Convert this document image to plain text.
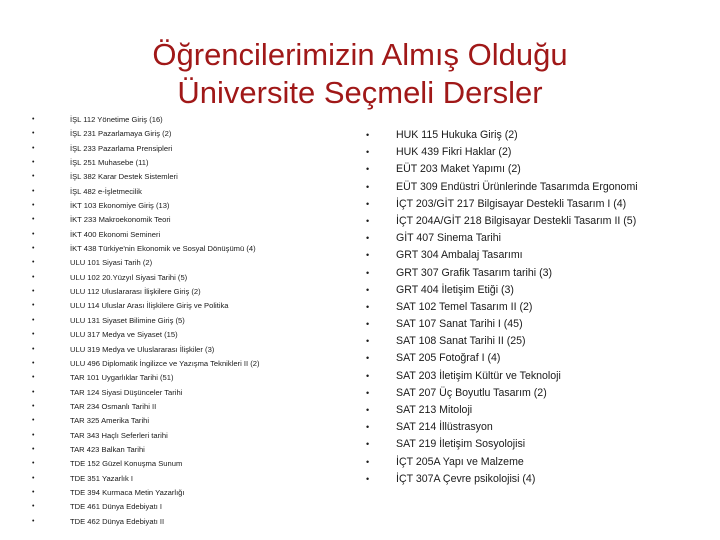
Öğrencilerimizin Almış Olduğu
Üniversite Seçmeli Dersler
•	İŞL 112 Yönetime Giriş (16)
•	İŞL 231 Pazarlamaya Giriş (2)
•	İŞL 233 Pazarlama Prensipleri
•	İŞL 251 Muhasebe (11)
•	İŞL 382 Karar Destek Sistemleri
•	İŞL 482 e-İşletmecilik
•	İKT 103 Ekonomiye Giriş (13)
•	İKT 233 Makroekonomik Teori
•	İKT 400 Ekonomi Semineri
•	İKT 438 Türkiye'nin Ekonomik ve Sosyal Dönüşümü (4)
•	ULU 101 Siyasi Tarih (2)
•	ULU 102 20.Yüzyıl Siyasi Tarihi (5)
•	ULU 112 Uluslararası İlişkilere Giriş (2)
•	ULU 114 Uluslar Arası İlişkilere Giriş ve Politika
•	ULU 131 Siyaset Bilimine Giriş (5)
•	ULU 317 Medya ve Siyaset (15)
•	ULU 319 Medya ve Uluslararası İlişkiler (3)
•	ULU 496 Diplomatik İngilizce ve Yazışma Teknikleri II (2)
•	TAR 101 Uygarlıklar Tarihi (51)
•	TAR 124 Siyasi Düşünceler Tarihi
•	TAR 234 Osmanlı Tarihi II
•	TAR 325 Amerika Tarihi
•	TAR 343 Haçlı Seferleri tarihi
•	TAR 423 Balkan Tarihi
•	TDE 152 Güzel Konuşma Sunum
•	TDE 351 Yazarlık I
•	TDE 394 Kurmaca Metin Yazarlığı
•	TDE 461 Dünya Edebiyatı I
•	TDE 462 Dünya Edebiyatı II
•	HUK 115 Hukuka Giriş (2)
•	HUK 439 Fikri Haklar (2)
•	EÜT 203 Maket Yapımı (2)
•	EÜT 309 Endüstri Ürünlerinde Tasarımda Ergonomi
•	İÇT 203/GİT 217 Bilgisayar Destekli Tasarım I (4)
•	İÇT 204A/GİT 218 Bilgisayar Destekli Tasarım II (5)
•	GİT 407 Sinema Tarihi
•	GRT 304 Ambalaj Tasarımı
•	GRT 307 Grafik Tasarım tarihi (3)
•	GRT 404 İletişim Etiği (3)
•	SAT 102 Temel Tasarım II (2)
•	SAT 107 Sanat Tarihi I (45)
•	SAT 108 Sanat Tarihi II (25)
•	SAT 205 Fotoğraf I (4)
•	SAT 203 İletişim Kültür ve Teknoloji
•	SAT 207 Üç Boyutlu Tasarım (2)
•	SAT 213 Mitoloji
•	SAT 214 İllüstrasyon
•	SAT 219 İletişim Sosyolojisi
•	İÇT 205A Yapı ve Malzeme
•	İÇT 307A Çevre psikolojisi (4)
